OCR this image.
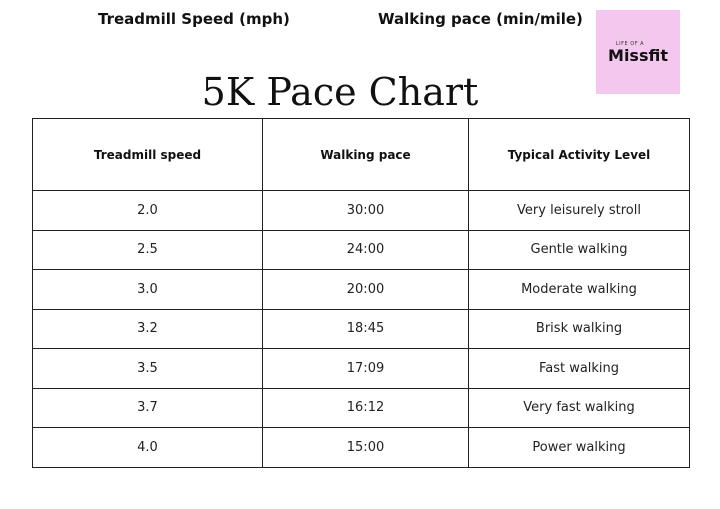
Treadmill Speed (mph)	Walking pace (min/mile)
LIFE OF A
Missfit
5K Pace Chart
Treadmill speed	Walking pace	Typical Activity Level
2.0	30:00	Very leisurely stroll
2.5	24:00	Gentle walking
3.0	20:00	Moderate walking
3.2	18:45	Brisk walking
3.5	17:09	Fast walking
3.7	16:12	Very fast walking
4.0	15:00	Power walking
